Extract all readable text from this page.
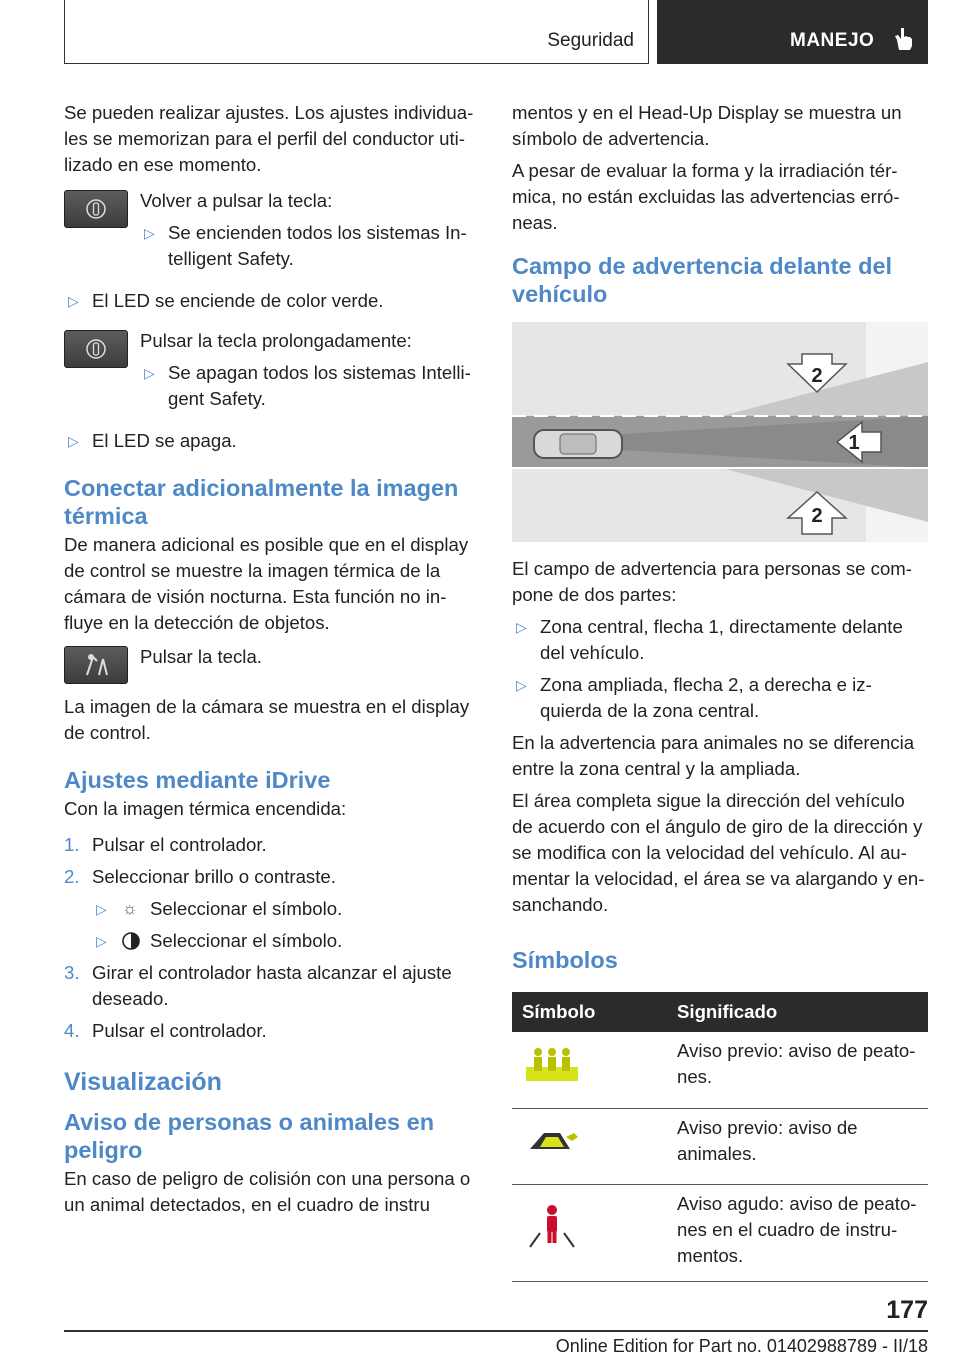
Seguridad	MANEJO

Se pueden realizar ajustes. Los ajustes individuales se memorizan para el perfil del conductor utilizado en ese momento.

Volver a pulsar la tecla:

▷ Se encienden todos los sistemas Intelligent Safety.
▷ El LED se enciende de color verde.

Pulsar la tecla prolongadamente:

▷ Se apagan todos los sistemas Intelligent Safety.
▷ El LED se apaga.
Conectar adicionalmente la imagen térmica

De manera adicional es posible que en el display de control se muestre la imagen térmica de la cámara de visión nocturna. Esta función no influye en la detección de objetos.

Pulsar la tecla.

La imagen de la cámara se muestra en el display de control.

Ajustes mediante iDrive

Con la imagen térmica encendida:

1. Pulsar el controlador.
2. Seleccionar brillo o contraste.
▷ ☼ Seleccionar el símbolo.
▷ Seleccionar el símbolo.
3. Girar el controlador hasta alcanzar el ajuste deseado.
4. Pulsar el controlador.
Visualización
Aviso de personas o animales en peligro

En caso de peligro de colisión con una persona o un animal detectados, en el cuadro de instru

mentos y en el Head-Up Display se muestra un símbolo de advertencia.

A pesar de evaluar la forma y la irradiación térmica, no están excluidas las advertencias erróneas.

Campo de advertencia delante del vehículo
2
1
2

El campo de advertencia para personas se compone de dos partes:

▷ Zona central, flecha 1, directamente delante del vehículo.
▷ Zona ampliada, flecha 2, a derecha e izquierda de la zona central.

En la advertencia para animales no se diferencia entre la zona central y la ampliada.

El área completa sigue la dirección del vehículo de acuerdo con el ángulo de giro de la dirección y se modifica con la velocidad del vehículo. Al aumentar la velocidad, el área se va alargando y ensanchando.

Símbolos
Símbolo	Significado
	Aviso previo: aviso de peatones.
	Aviso previo: aviso de animales.
	Aviso agudo: aviso de peatones en el cuadro de instrumentos.
177
Online Edition for Part no. 01402988789 - II/18
